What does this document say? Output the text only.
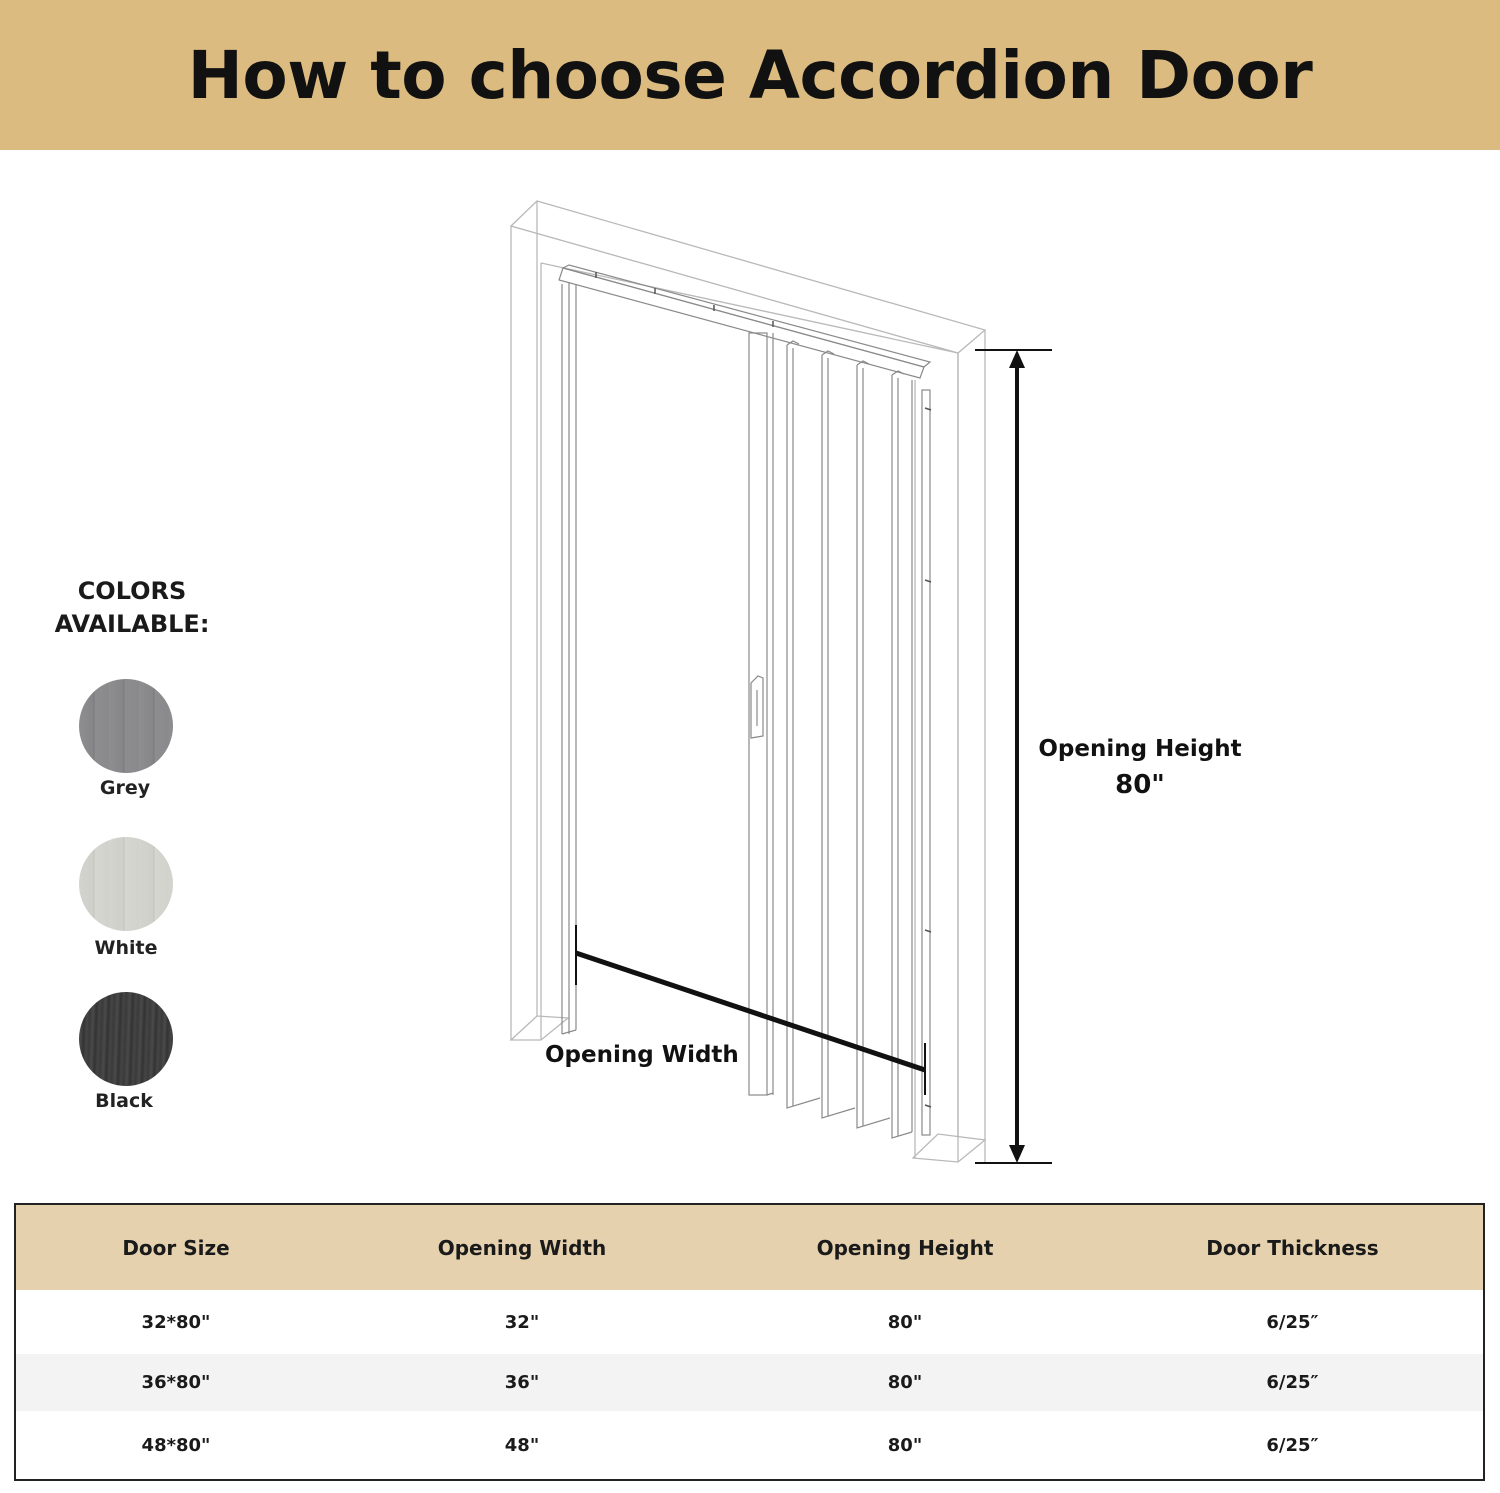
How to choose Accordion Door
COLORS AVAILABLE:
Grey
White
Black
Opening Height
80"
Opening Width
Door Size	Opening Width	Opening Height	Door Thickness
32*80"	32"	80"	6/25″
36*80"	36"	80"	6/25″
48*80"	48"	80"	6/25″
